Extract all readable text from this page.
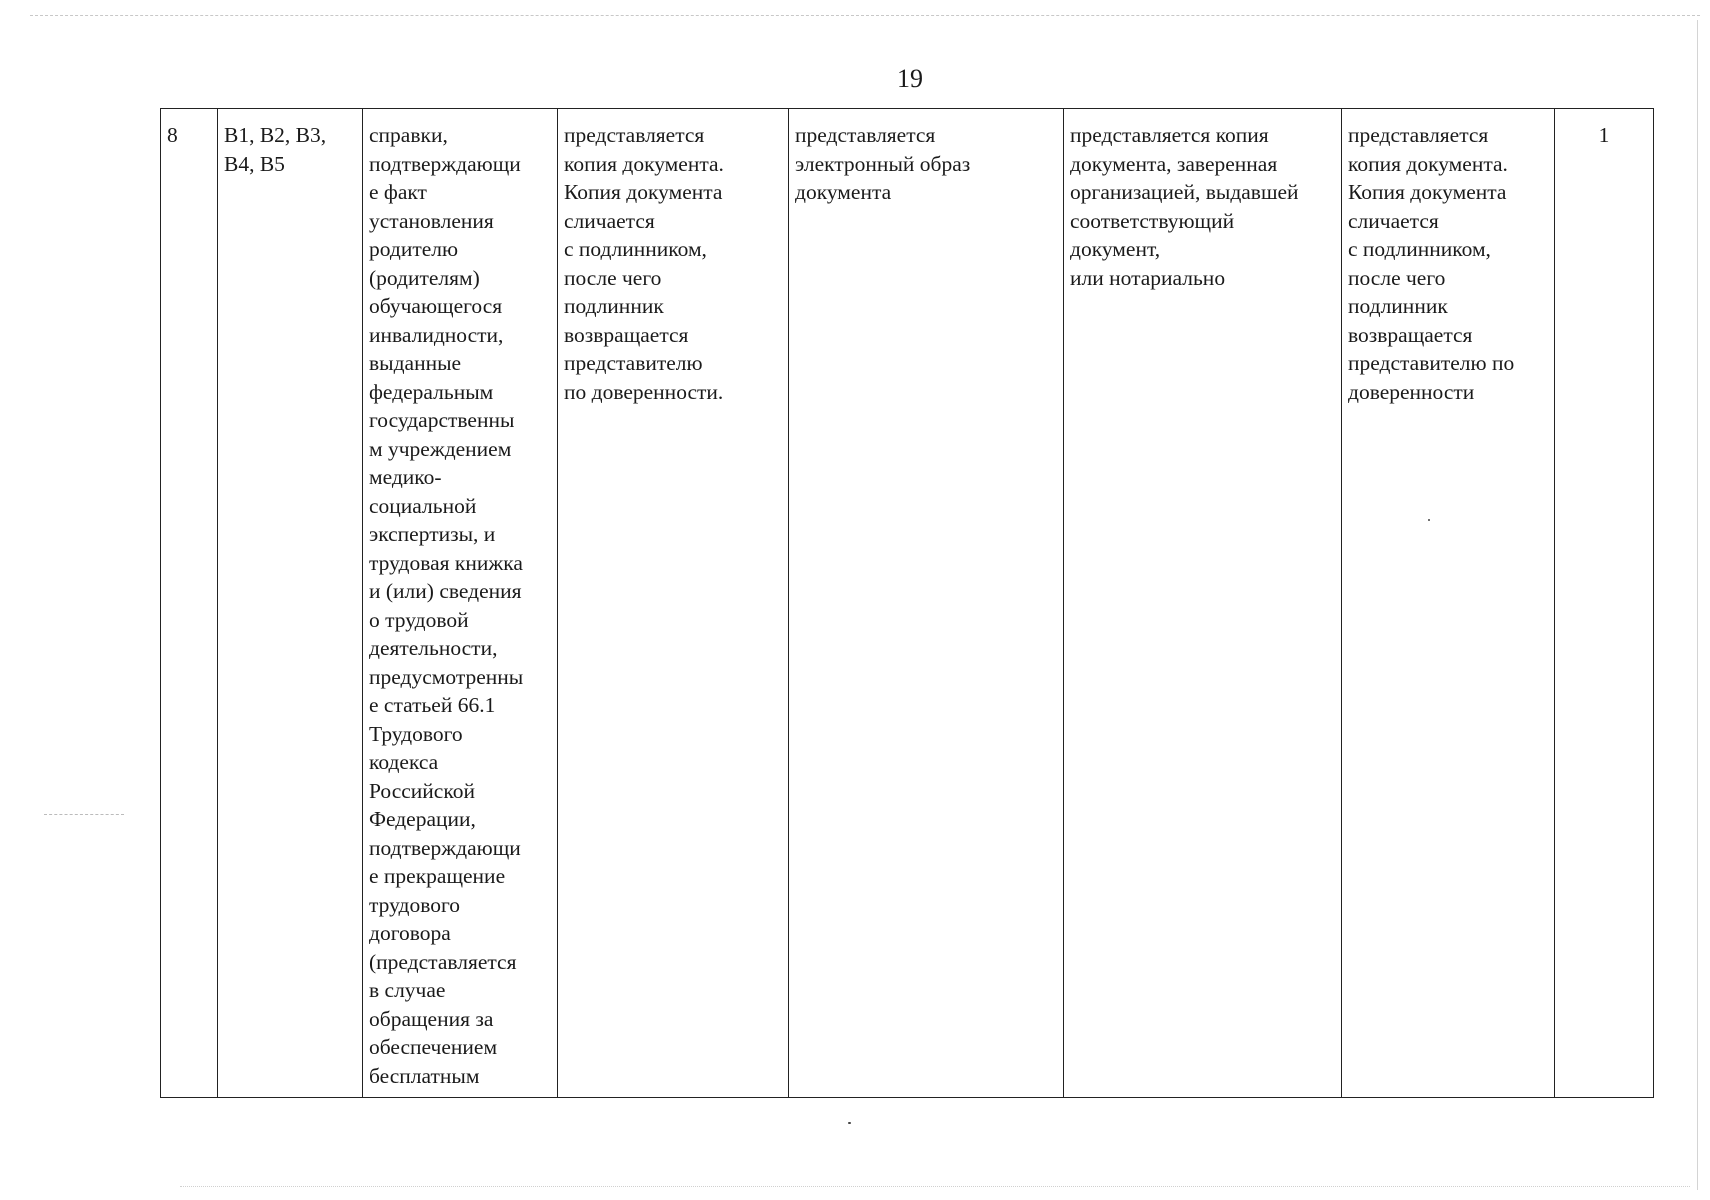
19
8	В1, В2, В3,
В4, В5	справки,
подтверждающи
е факт
установления
родителю
(родителям)
обучающегося
инвалидности,
выданные
федеральным
государственны
м учреждением
медико-
социальной
экспертизы, и
трудовая книжка
и (или) сведения
о трудовой
деятельности,
предусмотренны
е статьей 66.1
Трудового
кодекса
Российской
Федерации,
подтверждающи
е прекращение
трудового
договора
(представляется
в случае
обращения за
обеспечением
бесплатным	представляется
копия документа.
Копия документа
сличается
с подлинником,
после чего
подлинник
возвращается
представителю
по доверенности.	представляется
электронный образ
документа	представляется копия
документа, заверенная
организацией, выдавшей
соответствующий
документ,
или нотариально	представляется
копия документа.
Копия документа
сличается
с подлинником,
после чего
подлинник
возвращается
представителю по
доверенности	1
